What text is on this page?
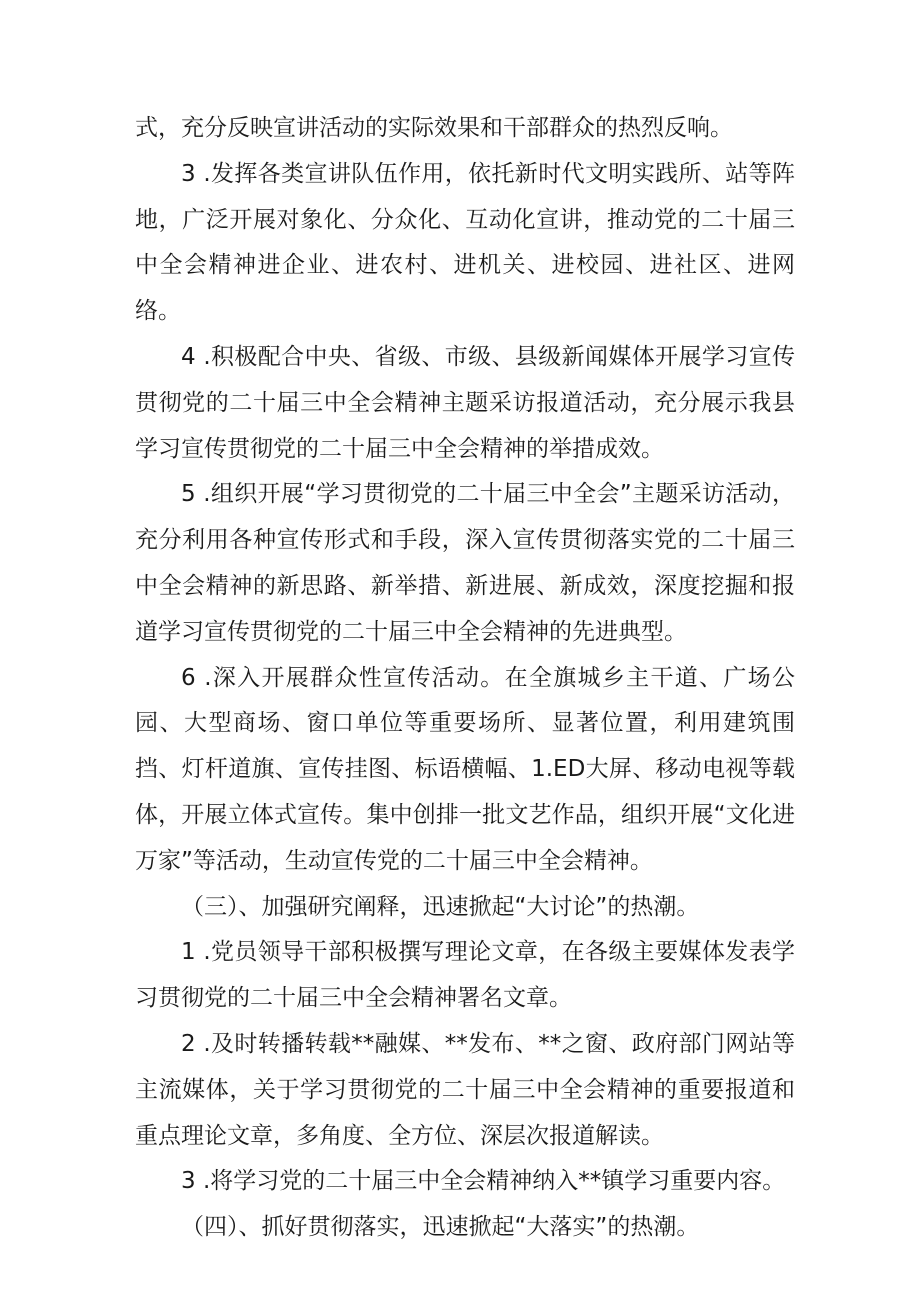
式，充分反映宣讲活动的实际效果和干部群众的热烈反响。

3 .发挥各类宣讲队伍作用，依托新时代文明实践所、站等阵地，广泛开展对象化、分众化、互动化宣讲，推动党的二十届三中全会精神进企业、进农村、进机关、进校园、进社区、进网络。

4 .积极配合中央、省级、市级、县级新闻媒体开展学习宣传贯彻党的二十届三中全会精神主题采访报道活动，充分展示我县学习宣传贯彻党的二十届三中全会精神的举措成效。

5 .组织开展“学习贯彻党的二十届三中全会”主题采访活动，充分利用各种宣传形式和手段，深入宣传贯彻落实党的二十届三中全会精神的新思路、新举措、新进展、新成效，深度挖掘和报道学习宣传贯彻党的二十届三中全会精神的先进典型。

6 .深入开展群众性宣传活动。在全旗城乡主干道、广场公园、大型商场、窗口单位等重要场所、显著位置，利用建筑围挡、灯杆道旗、宣传挂图、标语横幅、1.ED大屏、移动电视等载体，开展立体式宣传。集中创排一批文艺作品，组织开展“文化进万家”等活动，生动宣传党的二十届三中全会精神。

（三）、加强研究阐释，迅速掀起“大讨论”的热潮。

1 .党员领导干部积极撰写理论文章，在各级主要媒体发表学习贯彻党的二十届三中全会精神署名文章。

2 .及时转播转载**融媒、**发布、**之窗、政府部门网站等主流媒体，关于学习贯彻党的二十届三中全会精神的重要报道和重点理论文章，多角度、全方位、深层次报道解读。

3 .将学习党的二十届三中全会精神纳入**镇学习重要内容。

（四）、抓好贯彻落实，迅速掀起“大落实”的热潮。
